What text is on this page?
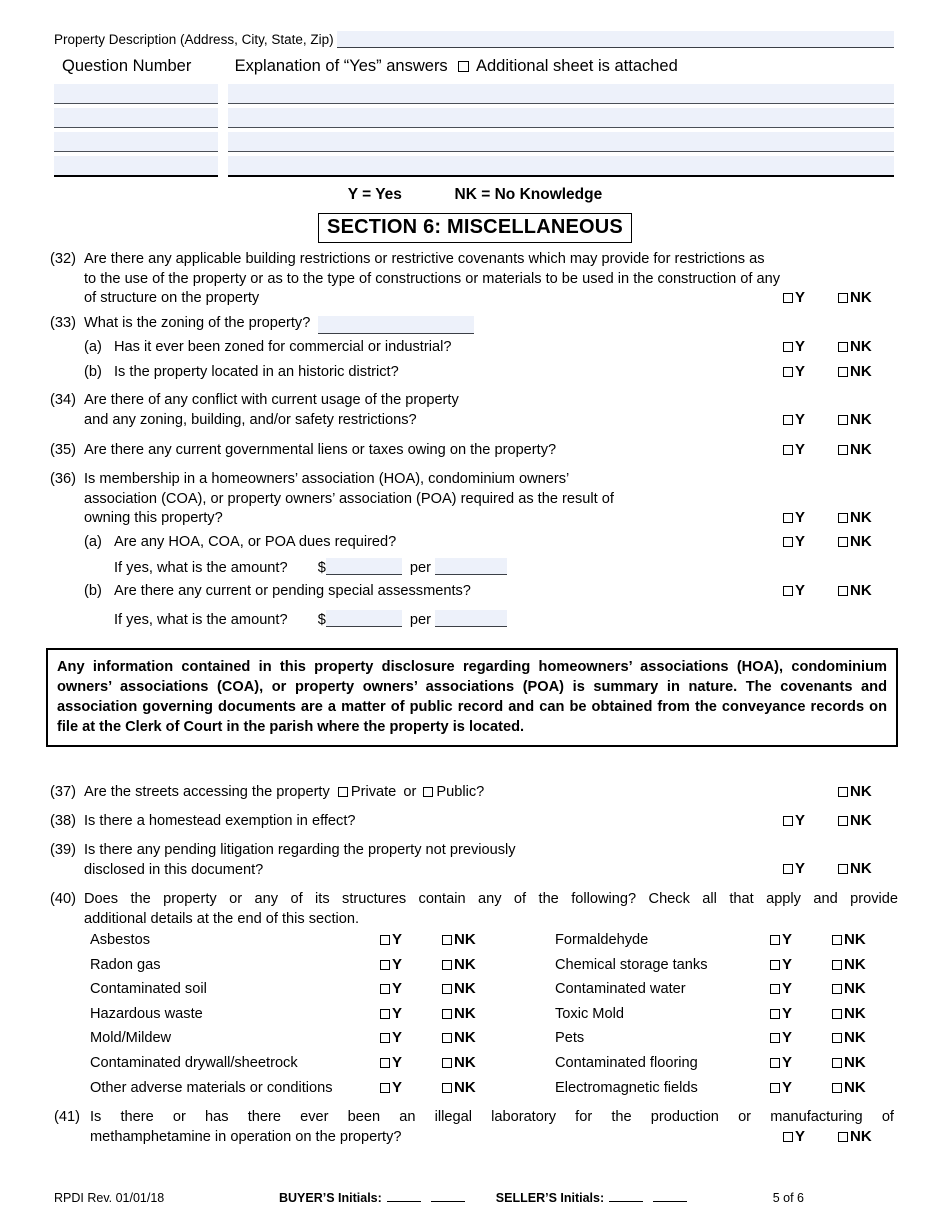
Property Description (Address, City, State, Zip)
Question Number	Explanation of “Yes” answers Additional sheet is attached
Y = Yes	NK = No Knowledge
SECTION 6: MISCELLANEOUS
(32) Are there any applicable building restrictions or restrictive covenants which may provide for restrictions as
to the use of the property or as to the type of constructions or materials to be used in the construction of any
of structure on the property	Y	NK
(33) What is the zoning of the property?
(a) Has it ever been zoned for commercial or industrial?	Y	NK
(b) Is the property located in an historic district?	Y	NK
(34) Are there of any conflict with current usage of the property
and any zoning, building, and/or safety restrictions?	Y	NK
(35) Are there any current governmental liens or taxes owing on the property?	Y	NK
(36) Is membership in a homeowners’ association (HOA), condominium owners’
association (COA), or property owners’ association (POA) required as the result of
owning this property?	Y	NK
(a) Are any HOA, COA, or POA dues required?	Y	NK
If yes, what is the amount? $	per
(b) Are there any current or pending special assessments?	Y	NK
If yes, what is the amount? $	per
Any information contained in this property disclosure regarding homeowners’ associations (HOA), condominium owners’ associations (COA), or property owners’ associations (POA) is summary in nature. The covenants and association governing documents are a matter of public record and can be obtained from the conveyance records on file at the Clerk of Court in the parish where the property is located.
(37) Are the streets accessing the property Private or Public?	NK
(38) Is there a homestead exemption in effect?	Y	NK
(39) Is there any pending litigation regarding the property not previously
disclosed in this document?	Y	NK
(40) Does the property or any of its structures contain any of the following? Check all that apply and provide
additional details at the end of this section.
Asbestos	Y	NK	Formaldehyde	Y	NK
Radon gas	Y	NK	Chemical storage tanks	Y	NK
Contaminated soil	Y	NK	Contaminated water	Y	NK
Hazardous waste	Y	NK	Toxic Mold	Y	NK
Mold/Mildew	Y	NK	Pets	Y	NK
Contaminated drywall/sheetrock	Y	NK	Contaminated flooring	Y	NK
Other adverse materials or conditions	Y	NK	Electromagnetic fields	Y	NK
(41) Is there or has there ever been an illegal laboratory for the production or manufacturing of
methamphetamine in operation on the property?	Y	NK
RPDI Rev. 01/01/18	BUYER’S Initials:	SELLER’S Initials:	5 of 6
